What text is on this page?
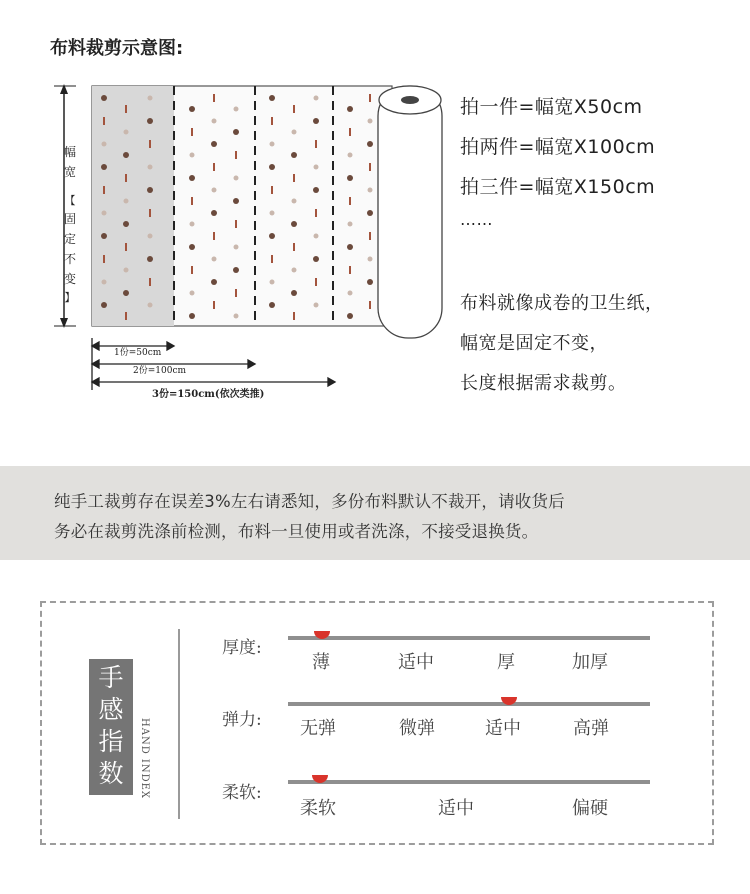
布料裁剪示意图:
1份=50cm
2份=100cm
3份=150cm(依次类推)
幅
宽
【
固
定
不
变
】
拍一件=幅宽X50cm
拍两件=幅宽X100cm
拍三件=幅宽X150cm
……
布料就像成卷的卫生纸，
幅宽是固定不变，
长度根据需求裁剪。
纯手工裁剪存在误差3%左右请悉知，多份布料默认不裁开，请收货后
务必在裁剪洗涤前检测，布料一旦使用或者洗涤，不接受退换货。
手
感
指
数	HAND INDEX
厚度:
薄	适中	厚	加厚
弹力: 无弹	微弹	适中	高弹
柔软:
柔软	适中	偏硬
